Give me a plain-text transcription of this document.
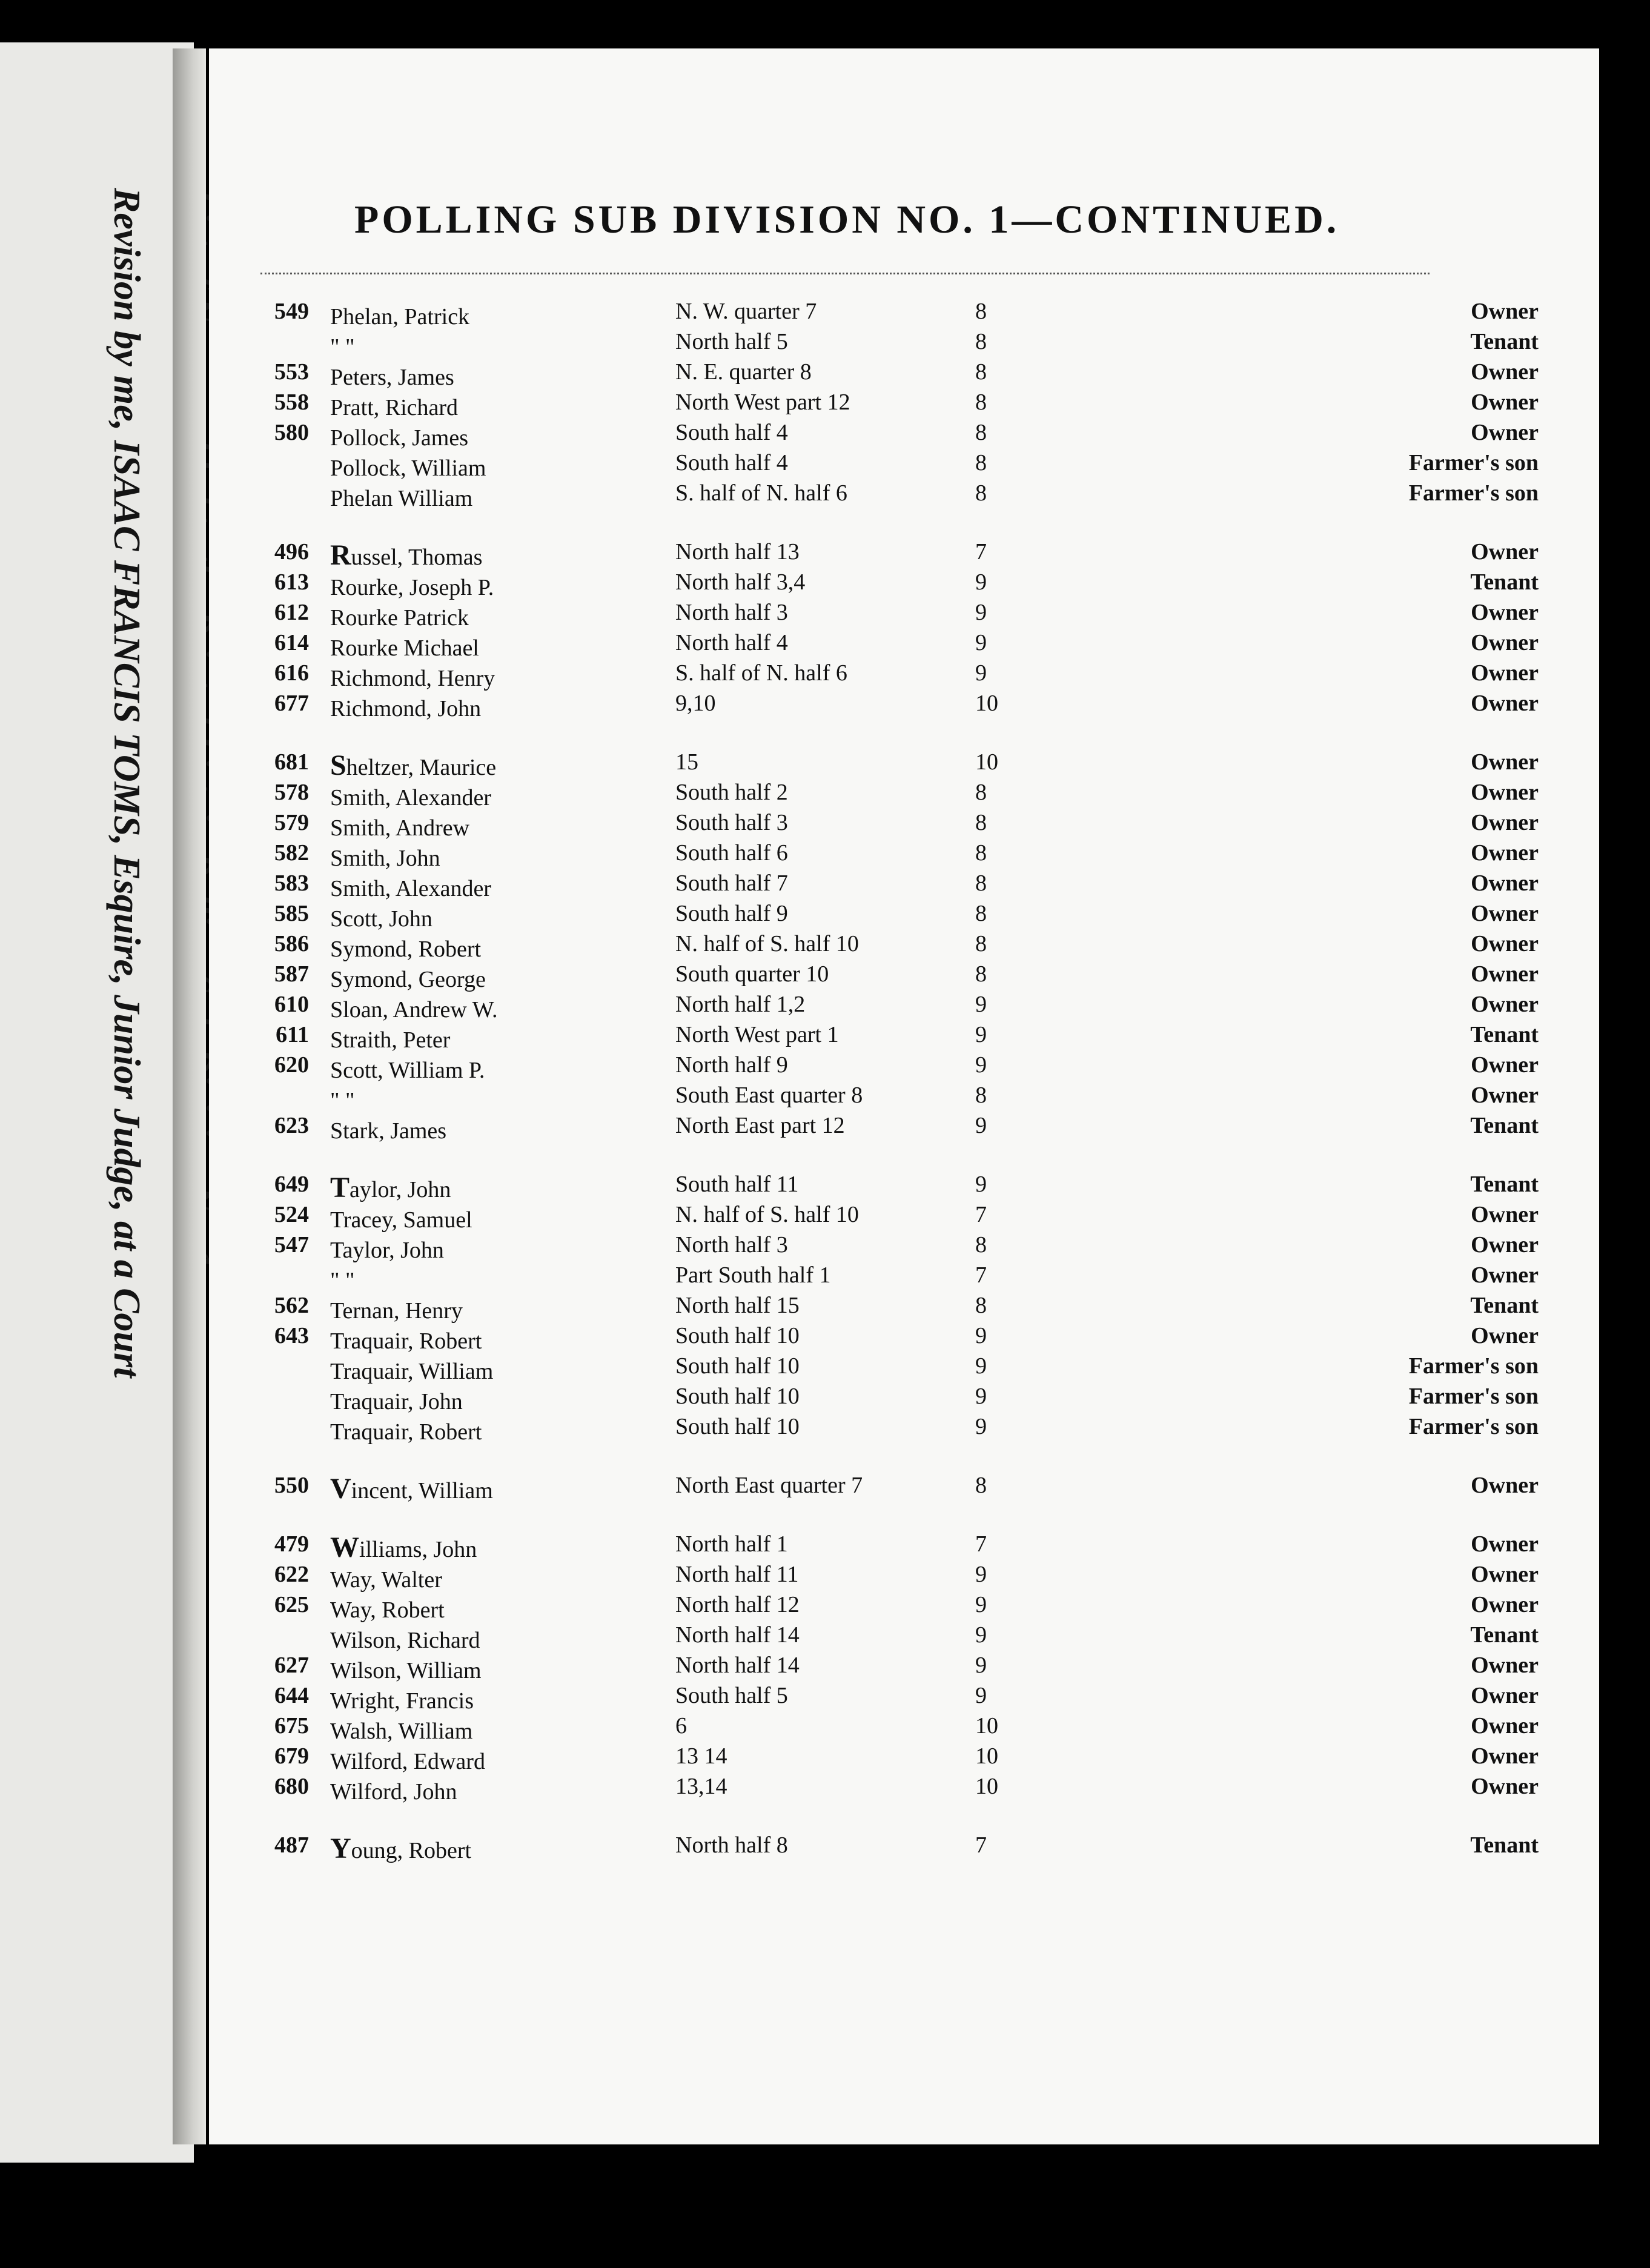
Revision by me, ISAAC FRANCIS TOMS, Esquire, Junior Judge, at a Court	POLLING SUB DIVISION NO. 1—CONTINUED.
549 Phelan, Patrick	N. W. quarter 7	8	Owner
" "	North half 5	8	Tenant
553 Peters, James	N. E. quarter 8	8	Owner
558 Pratt, Richard	North West part 12	8	Owner
580 Pollock, James	South half 4	8	Owner
Pollock, William	South half 4	8	Farmer's son
Phelan William	S. half of N. half 6	8	Farmer's son
496 Russel, Thomas	North half 13	7	Owner
613 Rourke, Joseph P.	North half 3,4	9	Tenant
612 Rourke Patrick	North half 3	9	Owner
614 Rourke Michael	North half 4	9	Owner
616 Richmond, Henry	S. half of N. half 6	9	Owner
677 Richmond, John	9,10	10	Owner
681 Sheltzer, Maurice	15	10	Owner
578 Smith, Alexander	South half 2	8	Owner
579 Smith, Andrew	South half 3	8	Owner
582 Smith, John	South half 6	8	Owner
583 Smith, Alexander	South half 7	8	Owner
585 Scott, John	South half 9	8	Owner
586 Symond, Robert	N. half of S. half 10	8	Owner
587 Symond, George	South quarter 10	8	Owner
610 Sloan, Andrew W.	North half 1,2	9	Owner
611 Straith, Peter	North West part 1	9	Tenant
620 Scott, William P.	North half 9	9	Owner
" "	South East quarter 8	8	Owner
623 Stark, James	North East part 12	9	Tenant
649 Taylor, John	South half 11	9	Tenant
524 Tracey, Samuel	N. half of S. half 10	7	Owner
547 Taylor, John	North half 3	8	Owner
" "	Part South half 1	7	Owner
562 Ternan, Henry	North half 15	8	Tenant
643 Traquair, Robert	South half 10	9	Owner
Traquair, William	South half 10	9	Farmer's son
Traquair, John	South half 10	9	Farmer's son
Traquair, Robert	South half 10	9	Farmer's son
550 Vincent, William	North East quarter 7	8	Owner
479 Williams, John	North half 1	7	Owner
622 Way, Walter	North half 11	9	Owner
625 Way, Robert	North half 12	9	Owner
Wilson, Richard	North half 14	9	Tenant
627 Wilson, William	North half 14	9	Owner
644 Wright, Francis	South half 5	9	Owner
675 Walsh, William	6	10	Owner
679 Wilford, Edward	13 14	10	Owner
680 Wilford, John	13,14	10	Owner
487 Young, Robert	North half 8	7	Tenant
